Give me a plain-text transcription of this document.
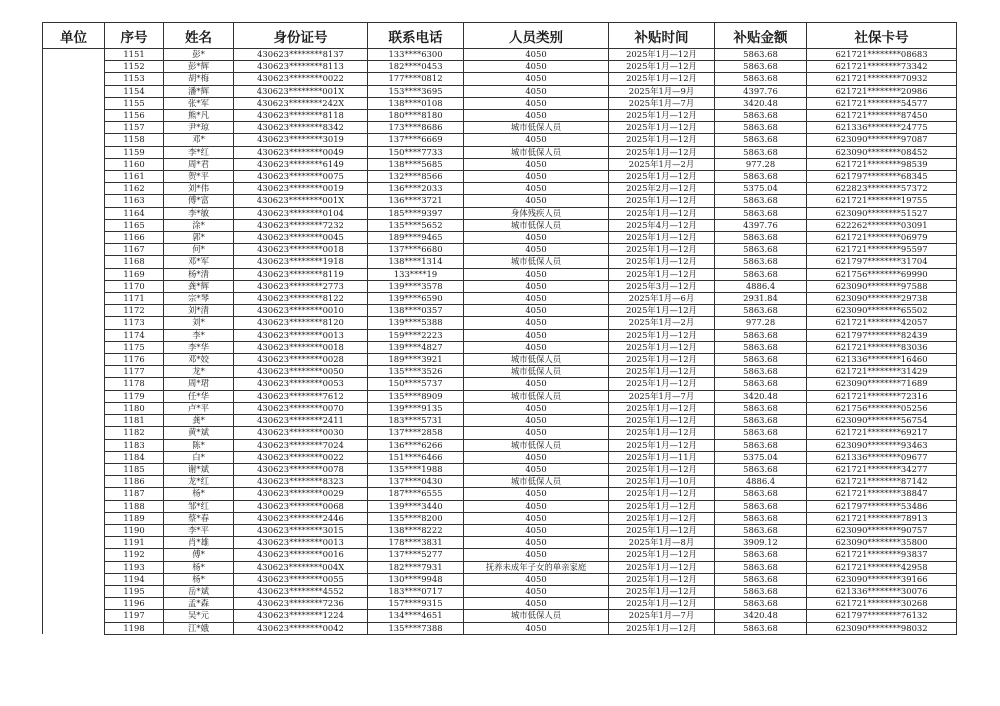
单位	序号	姓名	身份证号	联系电话	人员类别	补贴时间	补贴金额	社保卡号
	1151	彭*	430623********8137	133****6300	4050	2025年1月—12月	5863.68	621721********08683
	1152	彭*辉	430623********8113	182****0453	4050	2025年1月—12月	5863.68	621721********73342
	1153	胡*梅	430623********0022	177****0812	4050	2025年1月—12月	5863.68	621721********70932
	1154	潘*辉	430623********001X	153****3695	4050	2025年1月—9月	4397.76	621721********20986
	1155	张*军	430623********242X	138****0108	4050	2025年1月—7月	3420.48	621721********54577
	1156	熊*凡	430623********8118	180****8180	4050	2025年1月—12月	5863.68	621721********87450
	1157	尹*琼	430623********8342	173****8686	城市低保人员	2025年1月—12月	5863.68	621336********24775
	1158	邓*	430623********3019	137****6669	4050	2025年1月—12月	5863.68	623090********97087
	1159	李*红	430623********0049	150****7733	城市低保人员	2025年1月—12月	5863.68	623090********08452
	1160	周*君	430623********6149	138****5685	4050	2025年1月—2月	977.28	621721********98539
	1161	贺*平	430623********0075	132****8566	4050	2025年1月—12月	5863.68	621797********68345
	1162	刘*伟	430623********0019	136****2033	4050	2025年2月—12月	5375.04	622823********57372
	1163	傅*富	430623********001X	136****3721	4050	2025年1月—12月	5863.68	621721********19755
	1164	李*敏	430623********0104	185****9397	身体残疾人员	2025年1月—12月	5863.68	623090********51527
	1165	涂*	430623********7232	135****5652	城市低保人员	2025年4月—12月	4397.76	622262********03091
	1166	郭*	430623********0045	189****9465	4050	2025年1月—12月	5863.68	621721********06979
	1167	何*	430623********0018	137****6680	4050	2025年1月—12月	5863.68	621721********95597
	1168	邓*军	430623********1918	138****1314	城市低保人员	2025年1月—12月	5863.68	621797********31704
	1169	杨*清	430623********8119	133****19	4050	2025年1月—12月	5863.68	621756********69990
	1170	龚*辉	430623********2773	139****3578	4050	2025年3月—12月	4886.4	623090********97588
	1171	宗*琴	430623********8122	139****6590	4050	2025年1月—6月	2931.84	623090********29738
	1172	刘*清	430623********0010	138****0357	4050	2025年1月—12月	5863.68	623090********65502
	1173	刘*	430623********8120	139****5388	4050	2025年1月—2月	977.28	621721********42057
	1174	李*	430623********0013	159****2223	4050	2025年1月—12月	5863.68	621797********82439
	1175	李*华	430623********0018	139****4827	4050	2025年1月—12月	5863.68	621721********83036
	1176	邓*姣	430623********0028	189****3921	城市低保人员	2025年1月—12月	5863.68	621336********16460
	1177	龙*	430623********0050	135****3526	城市低保人员	2025年1月—12月	5863.68	621721********31429
	1178	周*珺	430623********0053	150****5737	4050	2025年1月—12月	5863.68	623090********71689
	1179	任*华	430623********7612	135****8909	城市低保人员	2025年1月—7月	3420.48	621721********72316
	1180	卢*平	430623********0070	139****9135	4050	2025年1月—12月	5863.68	621756********05256
	1181	龚*	430623********2411	183****5731	4050	2025年1月—12月	5863.68	623090********56754
	1182	黄*斌	430623********0030	137****2858	4050	2025年1月—12月	5863.68	621721********69217
	1183	陈*	430623********7024	136****6266	城市低保人员	2025年1月—12月	5863.68	623090********93463
	1184	白*	430623********0022	151****6466	4050	2025年1月—11月	5375.04	621336********09677
	1185	谢*斌	430623********0078	135****1988	4050	2025年1月—12月	5863.68	621721********34277
	1186	龙*红	430623********8323	137****0430	城市低保人员	2025年1月—10月	4886.4	621721********87142
	1187	杨*	430623********0029	187****6555	4050	2025年1月—12月	5863.68	621721********38847
	1188	邹*红	430623********0068	139****3440	4050	2025年1月—12月	5863.68	621797********53486
	1189	蔡*春	430623********2446	135****8200	4050	2025年1月—12月	5863.68	621721********78913
	1190	李*平	430623********3015	138****8222	4050	2025年1月—12月	5863.68	623090********90757
	1191	肖*雄	430623********0013	178****3831	4050	2025年1月—8月	3909.12	623090********35800
	1192	傅*	430623********0016	137****5277	4050	2025年1月—12月	5863.68	621721********93837
	1193	杨*	430623********004X	182****7931	抚养未成年子女的单亲家庭	2025年1月—12月	5863.68	621721********42958
	1194	杨*	430623********0055	130****9948	4050	2025年1月—12月	5863.68	623090********39166
	1195	岳*斌	430623********4552	183****0717	4050	2025年1月—12月	5863.68	621336********30076
	1196	孟*森	430623********7236	157****9315	4050	2025年1月—12月	5863.68	621721********30268
	1197	吴*元	430623********1224	134****4651	城市低保人员	2025年1月—7月	3420.48	621797********76132
	1198	江*娥	430623********0042	135****7388	4050	2025年1月—12月	5863.68	623090********98032
